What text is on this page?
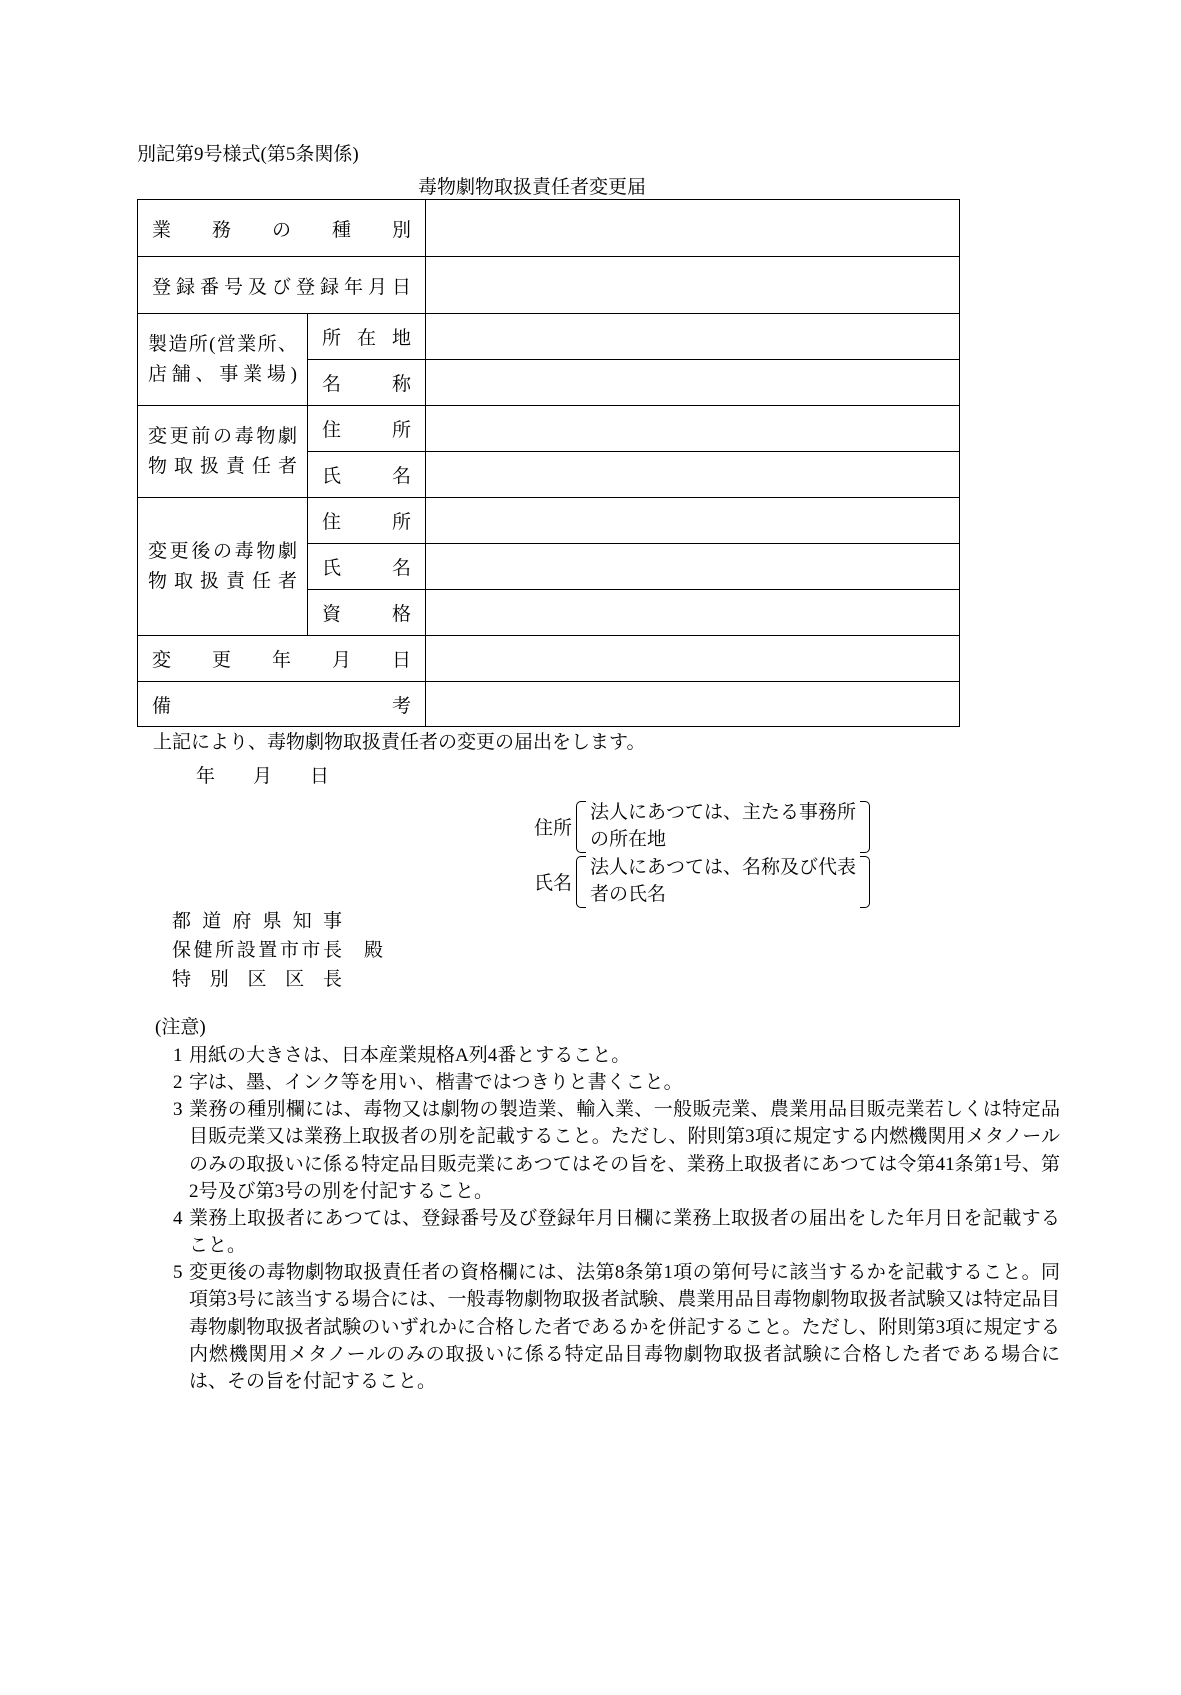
別記第9号様式(第5条関係)
毒物劇物取扱責任者変更届
業務の種別		
登録番号及び登録年月日		

製造所(営業所、
店舗、事業場)	所在地	
	名称	

変更前の毒物劇
物取扱責任者	住所	
	氏名	

変更後の毒物劇
物取扱責任者	住所	
	氏名	
	資格	
変更年月日		
備考		
上記により、毒物劇物取扱責任者の変更の届出をします。
年 月 日
住所
法人にあつては、主たる事務所
の所在地
氏名
法人にあつては、名称及び代表
者の氏名
都道府県知事
保健所設置市市長 殿
特別区区長
(注意)
1 用紙の大きさは、日本産業規格A列4番とすること。
2 字は、墨、インク等を用い、楷書ではつきりと書くこと。
3 業務の種別欄には、毒物又は劇物の製造業、輸入業、一般販売業、農業用品目販売業若しくは特定品目販売業又は業務上取扱者の別を記載すること。ただし、附則第3項に規定する内燃機関用メタノールのみの取扱いに係る特定品目販売業にあつてはその旨を、業務上取扱者にあつては令第41条第1号、第2号及び第3号の別を付記すること。
4 業務上取扱者にあつては、登録番号及び登録年月日欄に業務上取扱者の届出をした年月日を記載すること。
5 変更後の毒物劇物取扱責任者の資格欄には、法第8条第1項の第何号に該当するかを記載すること。同項第3号に該当する場合には、一般毒物劇物取扱者試験、農業用品目毒物劇物取扱者試験又は特定品目毒物劇物取扱者試験のいずれかに合格した者であるかを併記すること。ただし、附則第3項に規定する内燃機関用メタノールのみの取扱いに係る特定品目毒物劇物取扱者試験に合格した者である場合には、その旨を付記すること。
